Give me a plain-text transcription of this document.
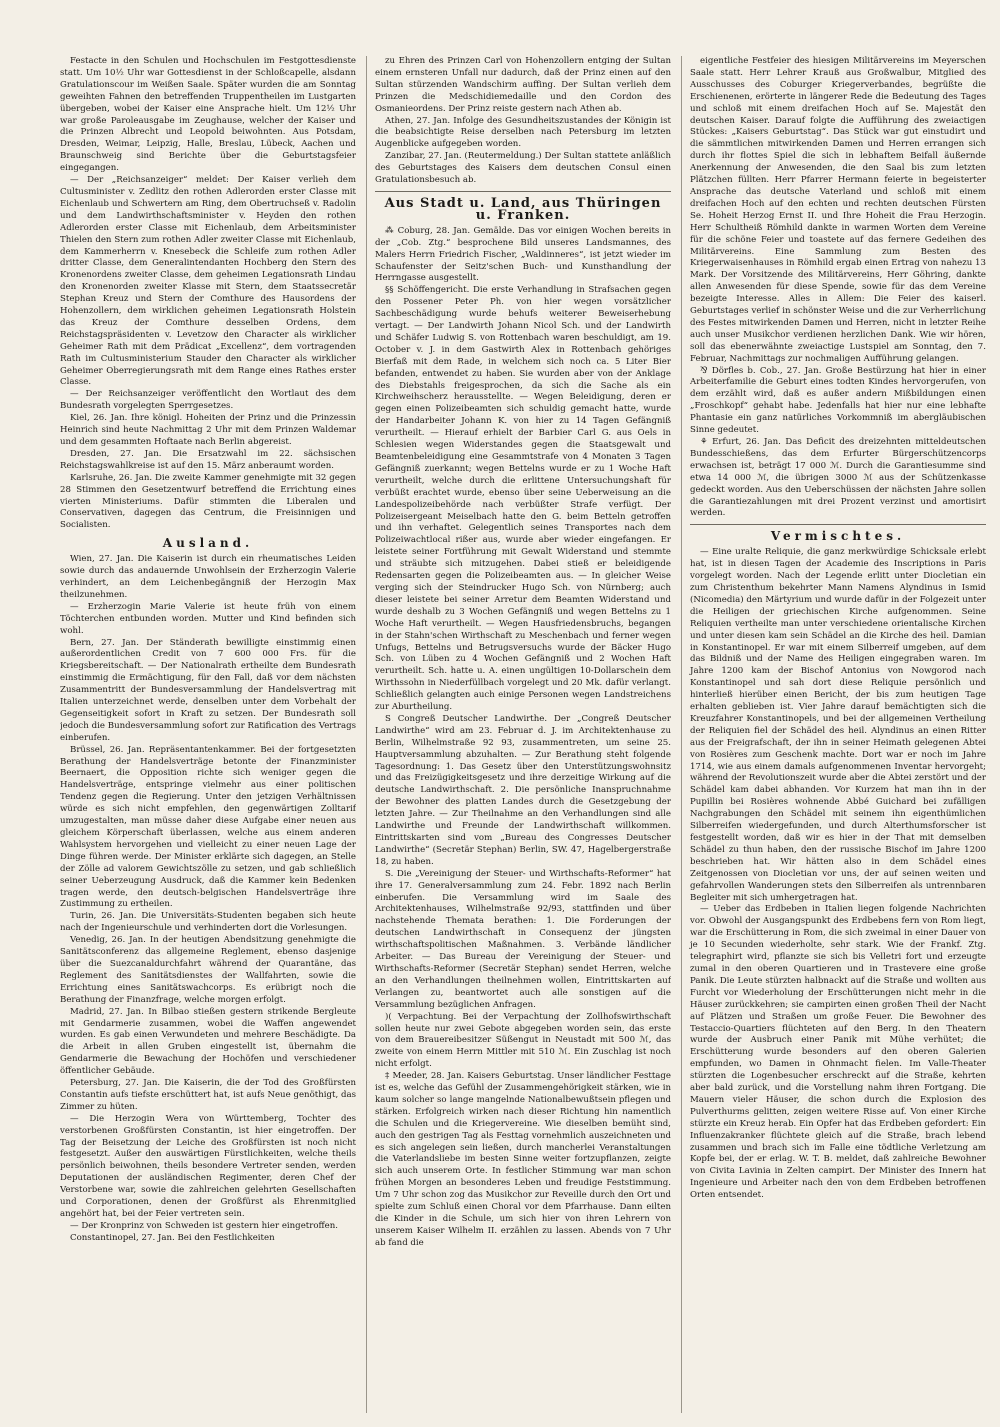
Festacte in den Schulen und Hochschulen im Festgottesdienste statt. Um 10½ Uhr war Gottesdienst in der Schloßcapelle, alsdann Gratulationscour im Weißen Saale. Später wurden die am Sonntag geweihten Fahnen den betreffenden Truppentheilen im Lustgarten übergeben, wobei der Kaiser eine Ansprache hielt. Um 12½ Uhr war große Paroleausgabe im Zeughause, welcher der Kaiser und die Prinzen Albrecht und Leopold beiwohnten. Aus Potsdam, Dresden, Weimar, Leipzig, Halle, Breslau, Lübeck, Aachen und Braunschweig sind Berichte über die Geburtstagsfeier eingegangen.

— Der „Reichsanzeiger“ meldet: Der Kaiser verlieh dem Cultusminister v. Zedlitz den rothen Adlerorden erster Classe mit Eichenlaub und Schwertern am Ring, dem Obertruchseß v. Radolin und dem Landwirthschaftsminister v. Heyden den rothen Adlerorden erster Classe mit Eichenlaub, dem Arbeitsminister Thielen den Stern zum rothen Adler zweiter Classe mit Eichenlaub, dem Kammerherrn v. Knesebeck die Schleife zum rothen Adler dritter Classe, dem Generalintendanten Hochberg den Stern des Kronenordens zweiter Classe, dem geheimen Legationsrath Lindau den Kronenorden zweiter Klasse mit Stern, dem Staatssecretär Stephan Kreuz und Stern der Comthure des Hausordens der Hohenzollern, dem wirklichen geheimen Legationsrath Holstein das Kreuz der Comthure desselben Ordens, dem Reichstagspräsidenten v. Levetzow den Character als wirklicher Geheimer Rath mit dem Prädicat „Excellenz“, dem vortragenden Rath im Cultusministerium Stauder den Character als wirklicher Geheimer Oberregierungsrath mit dem Range eines Rathes erster Classe.

— Der Reichsanzeiger veröffentlicht den Wortlaut des dem Bundesrath vorgelegten Sperrgesetzes.

Kiel, 26. Jan. Ihre königl. Hoheiten der Prinz und die Prinzessin Heinrich sind heute Nachmittag 2 Uhr mit dem Prinzen Waldemar und dem gesammten Hoftaate nach Berlin abgereist.

Dresden, 27. Jan. Die Ersatzwahl im 22. sächsischen Reichstagswahlkreise ist auf den 15. März anberaumt worden.

Karlsruhe, 26. Jan. Die zweite Kammer genehmigte mit 32 gegen 28 Stimmen den Gesetzentwurf betreffend die Errichtung eines vierten Ministeriums. Dafür stimmten die Liberalen und Conservativen, dagegen das Centrum, die Freisinnigen und Socialisten.

Ausland.

Wien, 27. Jan. Die Kaiserin ist durch ein rheumatisches Leiden sowie durch das andauernde Unwohlsein der Erzherzogin Valerie verhindert, an dem Leichenbegängniß der Herzogin Max theilzunehmen.

— Erzherzogin Marie Valerie ist heute früh von einem Töchterchen entbunden worden. Mutter und Kind befinden sich wohl.

Bern, 27. Jan. Der Ständerath bewilligte einstimmig einen außerordentlichen Credit von 7 600 000 Frs. für die Kriegsbereitschaft. — Der Nationalrath ertheilte dem Bundesrath einstimmig die Ermächtigung, für den Fall, daß vor dem nächsten Zusammentritt der Bundesversammlung der Handelsvertrag mit Italien unterzeichnet werde, denselben unter dem Vorbehalt der Gegenseitigkeit sofort in Kraft zu setzen. Der Bundesrath soll jedoch die Bundesversammlung sofort zur Ratification des Vertrags einberufen.

Brüssel, 26. Jan. Repräsentantenkammer. Bei der fortgesetzten Berathung der Handelsverträge betonte der Finanzminister Beernaert, die Opposition richte sich weniger gegen die Handelsverträge, entspringe vielmehr aus einer politischen Tendenz gegen die Regierung. Unter den jetzigen Verhältnissen würde es sich nicht empfehlen, den gegenwärtigen Zolltarif umzugestalten, man müsse daher diese Aufgabe einer neuen aus gleichem Körperschaft überlassen, welche aus einem anderen Wahlsystem hervorgehen und vielleicht zu einer neuen Lage der Dinge führen werde. Der Minister erklärte sich dagegen, an Stelle der Zölle ad valorem Gewichtszölle zu setzen, und gab schließlich seiner Ueberzeugung Ausdruck, daß die Kammer kein Bedenken tragen werde, den deutsch-belgischen Handelsverträge ihre Zustimmung zu ertheilen.

Turin, 26. Jan. Die Universitäts-Studenten begaben sich heute nach der Ingenieurschule und verhinderten dort die Vorlesungen.

Venedig, 26. Jan. In der heutigen Abendsitzung genehmigte die Sanitätsconferenz das allgemeine Reglement, ebenso dasjenige über die Suezcanaldurchfahrt während der Quarantäne, das Reglement des Sanitätsdienstes der Wallfahrten, sowie die Errichtung eines Sanitätswachcorps. Es erübrigt noch die Berathung der Finanzfrage, welche morgen erfolgt.

Madrid, 27. Jan. In Bilbao stießen gestern strikende Bergleute mit Gendarmerie zusammen, wobei die Waffen angewendet wurden. Es gab einen Verwundeten und mehrere Beschädigte. Da die Arbeit in allen Gruben eingestellt ist, übernahm die Gendarmerie die Bewachung der Hochöfen und verschiedener öffentlicher Gebäude.

Petersburg, 27. Jan. Die Kaiserin, die der Tod des Großfürsten Constantin aufs tiefste erschüttert hat, ist aufs Neue genöthigt, das Zimmer zu hüten.

— Die Herzogin Wera von Württemberg, Tochter des verstorbenen Großfürsten Constantin, ist hier eingetroffen. Der Tag der Beisetzung der Leiche des Großfürsten ist noch nicht festgesetzt. Außer den auswärtigen Fürstlichkeiten, welche theils persönlich beiwohnen, theils besondere Vertreter senden, werden Deputationen der ausländischen Regimenter, deren Chef der Verstorbene war, sowie die zahlreichen gelehrten Gesellschaften und Corporationen, denen der Großfürst als Ehrenmitglied angehört hat, bei der Feier vertreten sein.

— Der Kronprinz von Schweden ist gestern hier eingetroffen.

Constantinopel, 27. Jan. Bei den Festlichkeiten

zu Ehren des Prinzen Carl von Hohenzollern entging der Sultan einem ernsteren Unfall nur dadurch, daß der Prinz einen auf den Sultan stürzenden Wandschirm auffing. Der Sultan verlieh dem Prinzen die Medschidiemedaille und den Cordon des Osmanieordens. Der Prinz reiste gestern nach Athen ab.

Athen, 27. Jan. Infolge des Gesundheitszustandes der Königin ist die beabsichtigte Reise derselben nach Petersburg im letzten Augenblicke aufgegeben worden.

Zanzibar, 27. Jan. (Reutermeldung.) Der Sultan stattete anläßlich des Geburtstages des Kaisers dem deutschen Consul einen Gratulationsbesuch ab.

Aus Stadt u. Land, aus Thüringen u. Franken.

⁂ Coburg, 28. Jan. Gemälde. Das vor einigen Wochen bereits in der „Cob. Ztg.“ besprochene Bild unseres Landsmannes, des Malers Herrn Friedrich Fischer, „Waldinneres“, ist jetzt wieder im Schaufenster der Seitz'schen Buch- und Kunsthandlung der Herrngasse ausgestellt.

§§ Schöffengericht. Die erste Verhandlung in Strafsachen gegen den Possener Peter Ph. von hier wegen vorsätzlicher Sachbeschädigung wurde behufs weiterer Beweiserhebung vertagt. — Der Landwirth Johann Nicol Sch. und der Landwirth und Schäfer Ludwig S. von Rottenbach waren beschuldigt, am 19. October v. J. in dem Gastwirth Alex in Rottenbach gehöriges Bierfaß mit dem Rade, in welchem sich noch ca. 5 Liter Bier befanden, entwendet zu haben. Sie wurden aber von der Anklage des Diebstahls freigesprochen, da sich die Sache als ein Kirchweihscherz herausstellte. — Wegen Beleidigung, deren er gegen einen Polizeibeamten sich schuldig gemacht hatte, wurde der Handarbeiter Johann K. von hier zu 14 Tagen Gefängniß verurtheilt. — Hierauf erhielt der Barbier Carl G. aus Oels in Schlesien wegen Widerstandes gegen die Staatsgewalt und Beamtenbeleidigung eine Gesammtstrafe von 4 Monaten 3 Tagen Gefängniß zuerkannt; wegen Bettelns wurde er zu 1 Woche Haft verurtheilt, welche durch die erlittene Untersuchungshaft für verbüßt erachtet wurde, ebenso über seine Ueberweisung an die Landespolizeibehörde nach verbüßter Strafe verfügt. Der Polizeisergeant Meiselbach hatte den G. beim Betteln getroffen und ihn verhaftet. Gelegentlich seines Transportes nach dem Polizeiwachtlocal rißer aus, wurde aber wieder eingefangen. Er leistete seiner Fortführung mit Gewalt Widerstand und stemmte und sträubte sich mitzugehen. Dabei stieß er beleidigende Redensarten gegen die Polizeibeamten aus. — In gleicher Weise verging sich der Steindrucker Hugo Sch. von Nürnberg; auch dieser leistete bei seiner Arretur dem Beamten Widerstand und wurde deshalb zu 3 Wochen Gefängniß und wegen Bettelns zu 1 Woche Haft verurtheilt. — Wegen Hausfriedensbruchs, begangen in der Stahn'schen Wirthschaft zu Meschenbach und ferner wegen Unfugs, Bettelns und Betrugsversuchs wurde der Bäcker Hugo Sch. von Lüben zu 4 Wochen Gefängniß und 2 Wochen Haft verurtheilt. Sch. hatte u. A. einen ungültigen 10-Dollarschein dem Wirthssohn in Niederfüllbach vorgelegt und 20 Mk. dafür verlangt. Schließlich gelangten auch einige Personen wegen Landstreichens zur Aburtheilung.

S Congreß Deutscher Landwirthe. Der „Congreß Deutscher Landwirthe“ wird am 23. Februar d. J. im Architektenhause zu Berlin, Wilhelmstraße 92 93, zusammentreten, um seine 25. Hauptversammlung abzuhalten. — Zur Berathung steht folgende Tagesordnung: 1. Das Gesetz über den Unterstützungswohnsitz und das Freizügigkeitsgesetz und ihre derzeitige Wirkung auf die deutsche Landwirthschaft. 2. Die persönliche Inanspruchnahme der Bewohner des platten Landes durch die Gesetzgebung der letzten Jahre. — Zur Theilnahme an den Verhandlungen sind alle Landwirthe und Freunde der Landwirthschaft willkommen. Eintrittskarten sind vom „Bureau des Congresses Deutscher Landwirthe“ (Secretär Stephan) Berlin, SW. 47, Hagelbergerstraße 18, zu haben.

S. Die „Vereinigung der Steuer- und Wirthschafts-Reformer“ hat ihre 17. Generalversammlung zum 24. Febr. 1892 nach Berlin einberufen. Die Versammlung wird im Saale des Architektenhauses, Wilhelmstraße 92/93, stattfinden und über nachstehende Themata berathen: 1. Die Forderungen der deutschen Landwirthschaft in Consequenz der jüngsten wirthschaftspolitischen Maßnahmen. 3. Verbände ländlicher Arbeiter. — Das Bureau der Vereinigung der Steuer- und Wirthschafts-Reformer (Secretär Stephan) sendet Herren, welche an den Verhandlungen theilnehmen wollen, Eintrittskarten auf Verlangen zu, beantwortet auch alle sonstigen auf die Versammlung bezüglichen Anfragen.

)( Verpachtung. Bei der Verpachtung der Zollhofswirthschaft sollen heute nur zwei Gebote abgegeben worden sein, das erste von dem Brauereibesitzer Süßengut in Neustadt mit 500 ℳ, das zweite von einem Herrn Mittler mit 510 ℳ. Ein Zuschlag ist noch nicht erfolgt.

‡ Meeder, 28. Jan. Kaisers Geburtstag. Unser ländlicher Festtage ist es, welche das Gefühl der Zusammengehörigkeit stärken, wie in kaum solcher so lange mangelnde Nationalbewußtsein pflegen und stärken. Erfolgreich wirken nach dieser Richtung hin namentlich die Schulen und die Kriegervereine. Wie dieselben bemüht sind, auch den gestrigen Tag als Festtag vornehmlich auszeichneten und es sich angelegen sein ließen, durch mancherlei Veranstaltungen die Vaterlandsliebe im besten Sinne weiter fortzupflanzen, zeigte sich auch unserem Orte. In festlicher Stimmung war man schon frühen Morgen an besonderes Leben und freudige Feststimmung. Um 7 Uhr schon zog das Musikchor zur Reveille durch den Ort und spielte zum Schluß einen Choral vor dem Pfarrhause. Dann eilten die Kinder in die Schule, um sich hier von ihren Lehrern von unserem Kaiser Wilhelm II. erzählen zu lassen. Abends von 7 Uhr ab fand die

eigentliche Festfeier des hiesigen Militärvereins im Meyerschen Saale statt. Herr Lehrer Krauß aus Großwalbur, Mitglied des Ausschusses des Coburger Kriegerverbandes, begrüßte die Erschienenen, erörterte in längerer Rede die Bedeutung des Tages und schloß mit einem dreifachen Hoch auf Se. Majestät den deutschen Kaiser. Darauf folgte die Aufführung des zweiactigen Stückes: „Kaisers Geburtstag“. Das Stück war gut einstudirt und die sämmtlichen mitwirkenden Damen und Herren errangen sich durch ihr flottes Spiel die sich in lebhaftem Beifall äußernde Anerkennung der Anwesenden, die den Saal bis zum letzten Plätzchen füllten. Herr Pfarrer Hermann feierte in begeisterter Ansprache das deutsche Vaterland und schloß mit einem dreifachen Hoch auf den echten und rechten deutschen Fürsten Se. Hoheit Herzog Ernst II. und Ihre Hoheit die Frau Herzogin. Herr Schultheiß Römhild dankte in warmen Worten dem Vereine für die schöne Feier und toastete auf das fernere Gedeihen des Militärvereins. Eine Sammlung zum Besten des Kriegerwaisenhauses in Römhild ergab einen Ertrag von nahezu 13 Mark. Der Vorsitzende des Militärvereins, Herr Göhring, dankte allen Anwesenden für diese Spende, sowie für das dem Vereine bezeigte Interesse. Alles in Allem: Die Feier des kaiserl. Geburtstages verlief in schönster Weise und die zur Verherrlichung des Festes mitwirkenden Damen und Herren, nicht in letzter Reihe auch unser Musikchor verdienen herzlichen Dank. Wie wir hören, soll das ebenerwähnte zweiactige Lustspiel am Sonntag, den 7. Februar, Nachmittags zur nochmaligen Aufführung gelangen.

⅋ Dörfles b. Cob., 27. Jan. Große Bestürzung hat hier in einer Arbeiterfamilie die Geburt eines todten Kindes hervorgerufen, von dem erzählt wird, daß es außer andern Mißbildungen einen „Froschkopf“ gehabt habe. Jedenfalls hat hier nur eine lebhafte Phantasie ein ganz natürliches Vorkommniß im abergläubischen Sinne gedeutet.

⚘ Erfurt, 26. Jan. Das Deficit des dreizehnten mitteldeutschen Bundesschießens, das dem Erfurter Bürgerschützencorps erwachsen ist, beträgt 17 000 ℳ. Durch die Garantiesumme sind etwa 14 000 ℳ, die übrigen 3000 ℳ aus der Schützenkasse gedeckt worden. Aus den Ueberschüssen der nächsten Jahre sollen die Garantiezahlungen mit drei Prozent verzinst und amortisirt werden.

Vermischtes.

— Eine uralte Reliquie, die ganz merkwürdige Schicksale erlebt hat, ist in diesen Tagen der Academie des Inscriptions in Paris vorgelegt worden. Nach der Legende erlitt unter Diocletian ein zum Christenthum bekehrter Mann Namens Alyndinus in Ismid (Nicomedia) den Märtyrium und wurde dafür in der Folgezeit unter die Heiligen der griechischen Kirche aufgenommen. Seine Reliquien vertheilte man unter verschiedene orientalische Kirchen und unter diesen kam sein Schädel an die Kirche des heil. Damian in Konstantinopel. Er war mit einem Silberreif umgeben, auf dem das Bildniß und der Name des Heiligen eingegraben waren. Im Jahre 1200 kam der Bischof Antonius von Nowgorod nach Konstantinopel und sah dort diese Reliquie persönlich und hinterließ hierüber einen Bericht, der bis zum heutigen Tage erhalten geblieben ist. Vier Jahre darauf bemächtigten sich die Kreuzfahrer Konstantinopels, und bei der allgemeinen Vertheilung der Reliquien fiel der Schädel des heil. Alyndinus an einen Ritter aus der Freigrafschaft, der ihn in seiner Heimath gelegenen Abtei von Rosières zum Geschenk machte. Dort war er noch im Jahre 1714, wie aus einem damals aufgenommenen Inventar hervorgeht; während der Revolutionszeit wurde aber die Abtei zerstört und der Schädel kam dabei abhanden. Vor Kurzem hat man ihn in der Pupillin bei Rosières wohnende Abbé Guichard bei zufälligen Nachgrabungen den Schädel mit seinem ihn eigenthümlichen Silberreifen wiedergefunden, und durch Alterthumsforscher ist festgestellt worden, daß wir es hier in der That mit demselben Schädel zu thun haben, den der russische Bischof im Jahre 1200 beschrieben hat. Wir hätten also in dem Schädel eines Zeitgenossen von Diocletian vor uns, der auf seinen weiten und gefahrvollen Wanderungen stets den Silberreifen als untrennbaren Begleiter mit sich umhergetragen hat.

— Ueber das Erdbeben in Italien liegen folgende Nachrichten vor. Obwohl der Ausgangspunkt des Erdbebens fern von Rom liegt, war die Erschütterung in Rom, die sich zweimal in einer Dauer von je 10 Secunden wiederholte, sehr stark. Wie der Frankf. Ztg. telegraphirt wird, pflanzte sie sich bis Velletri fort und erzeugte zumal in den oberen Quartieren und in Trastevere eine große Panik. Die Leute stürzten halbnackt auf die Straße und wollten aus Furcht vor Wiederholung der Erschütterungen nicht mehr in die Häuser zurückkehren; sie campirten einen großen Theil der Nacht auf Plätzen und Straßen um große Feuer. Die Bewohner des Testaccio-Quartiers flüchteten auf den Berg. In den Theatern wurde der Ausbruch einer Panik mit Mühe verhütet; die Erschütterung wurde besonders auf den oberen Galerien empfunden, wo Damen in Ohnmacht fielen. Im Valle-Theater stürzten die Logenbesucher erschreckt auf die Straße, kehrten aber bald zurück, und die Vorstellung nahm ihren Fortgang. Die Mauern vieler Häuser, die schon durch die Explosion des Pulverthurms gelitten, zeigen weitere Risse auf. Von einer Kirche stürzte ein Kreuz herab. Ein Opfer hat das Erdbeben gefordert: Ein Influenzakranker flüchtete gleich auf die Straße, brach lebend zusammen und brach sich im Falle eine tödtliche Verletzung am Kopfe bei, der er erlag. W. T. B. meldet, daß zahlreiche Bewohner von Civita Lavinia in Zelten campirt. Der Minister des Innern hat Ingenieure und Arbeiter nach den von dem Erdbeben betroffenen Orten entsendet.
